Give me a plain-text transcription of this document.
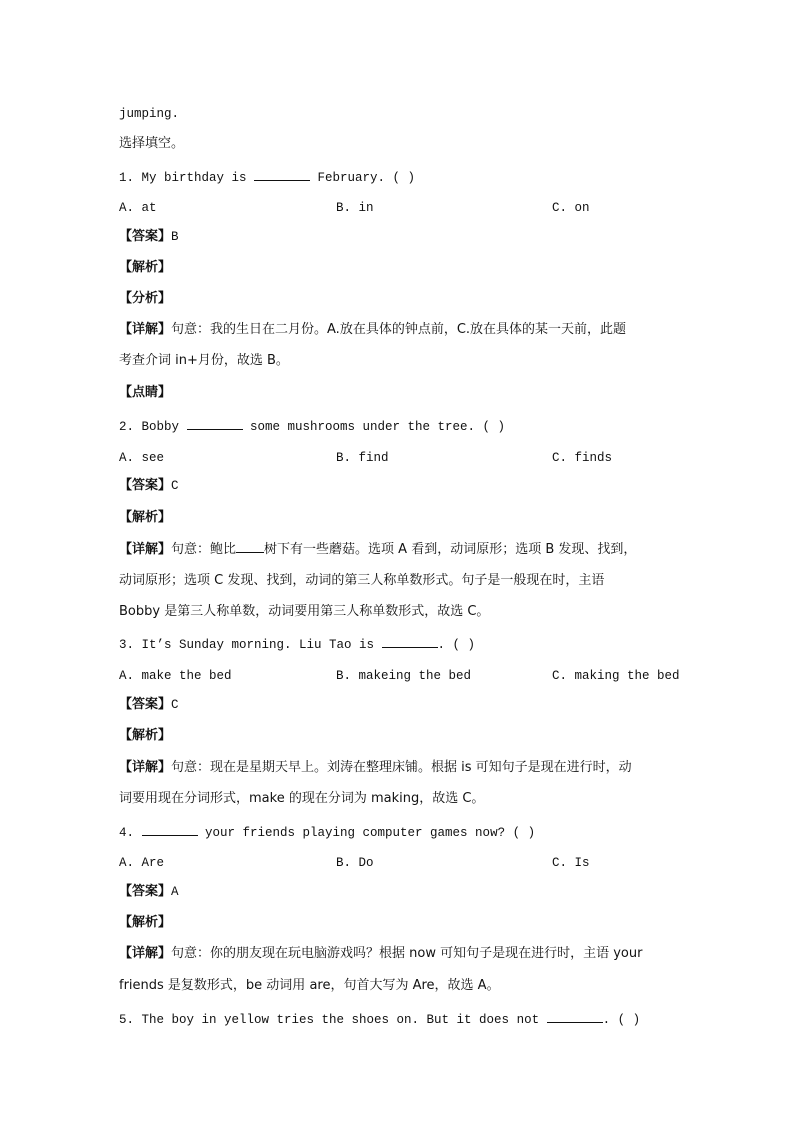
jumping.
选择填空。
1. My birthday is	February. ( )
A. at	B. in	C. on
【答案】B
【解析】
【分析】
【详解】句意：我的生日在二月份。A.放在具体的钟点前，C.放在具体的某一天前，此题
考查介词 in+月份，故选 B。
【点睛】
2. Bobby	some mushrooms under the tree. ( )
A. see	B. find	C. finds
【答案】C
【解析】
【详解】句意：鲍比 树下有一些蘑菇。选项 A 看到，动词原形；选项 B 发现、找到，
动词原形；选项 C 发现、找到，动词的第三人称单数形式。句子是一般现在时，主语
Bobby 是第三人称单数，动词要用第三人称单数形式，故选 C。
3. It’s Sunday morning. Liu Tao is	. ( )
A. make the bed	B. makeing the bed	C. making the bed
【答案】C
【解析】
【详解】句意：现在是星期天早上。刘涛在整理床铺。根据 is 可知句子是现在进行时，动
词要用现在分词形式，make 的现在分词为 making，故选 C。
4.	your friends playing computer games now? ( )
A. Are	B. Do	C. Is
【答案】A
【解析】
【详解】句意：你的朋友现在玩电脑游戏吗？根据 now 可知句子是现在进行时，主语 your
friends 是复数形式，be 动词用 are，句首大写为 Are，故选 A。
5. The boy in yellow tries the shoes on. But it does not	. ( )
